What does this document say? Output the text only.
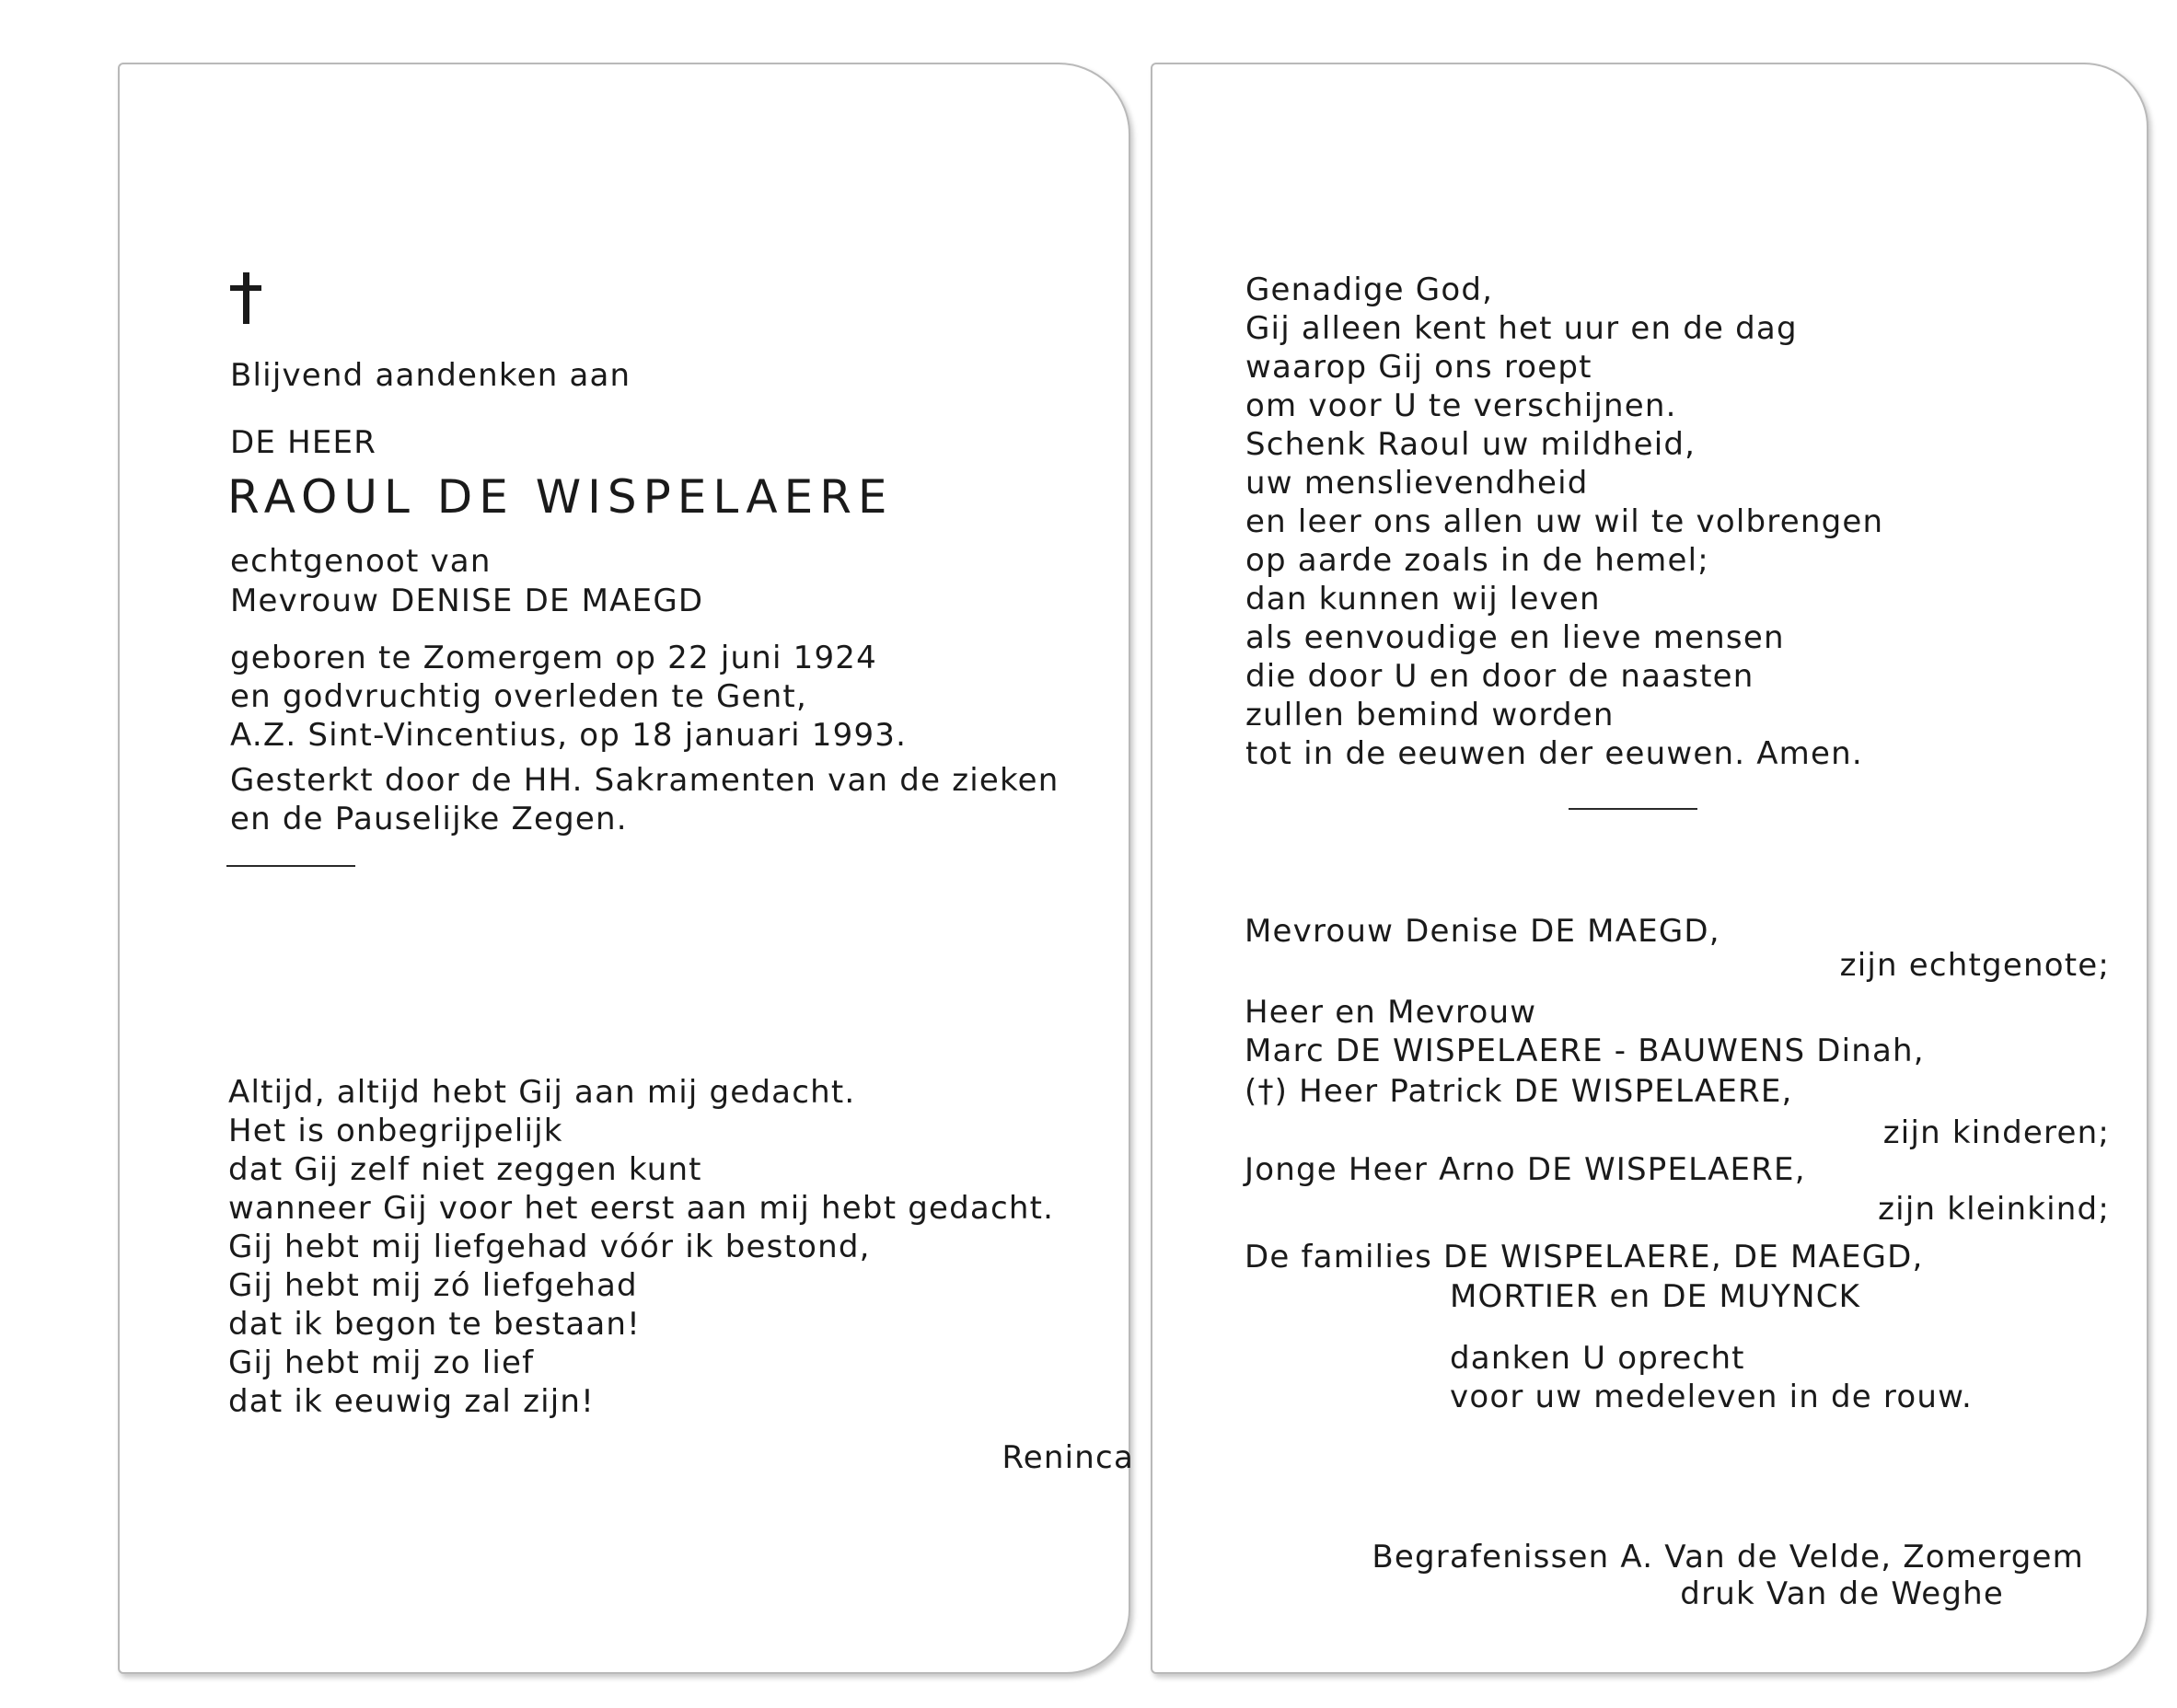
Blijvend aandenken aan

DE HEER

RAOUL DE WISPELAERE

echtgenoot van

Mevrouw DENISE DE MAEGD

geboren te Zomergem op 22 juni 1924
en godvruchtig overleden te Gent,
A.Z. Sint-Vincentius, op 18 januari 1993.
Gesterkt door de HH. Sakramenten van de zieken
en de Pauselijke Zegen.
Altijd, altijd hebt Gij aan mij gedacht.
Het is onbegrijpelijk
dat Gij zelf niet zeggen kunt
wanneer Gij voor het eerst aan mij hebt gedacht.
Gij hebt mij liefgehad vóór ik bestond,
Gij hebt mij zó liefgehad
dat ik begon te bestaan!
Gij hebt mij zo lief
dat ik eeuwig zal zijn!

Reninca

Genadige God,
Gij alleen kent het uur en de dag
waarop Gij ons roept
om voor U te verschijnen.
Schenk Raoul uw mildheid,
uw menslievendheid
en leer ons allen uw wil te volbrengen
op aarde zoals in de hemel;
dan kunnen wij leven
als eenvoudige en lieve mensen
die door U en door de naasten
zullen bemind worden
tot in de eeuwen der eeuwen. Amen.

Mevrouw Denise DE MAEGD,

zijn echtgenote;

Heer en Mevrouw

Marc DE WISPELAERE - BAUWENS Dinah,

(†) Heer Patrick DE WISPELAERE,

zijn kinderen;

Jonge Heer Arno DE WISPELAERE,

zijn kleinkind;

De families DE WISPELAERE, DE MAEGD,

MORTIER en DE MUYNCK

danken U oprecht

voor uw medeleven in de rouw.

Begrafenissen A. Van de Velde, Zomergem

druk Van de Weghe
